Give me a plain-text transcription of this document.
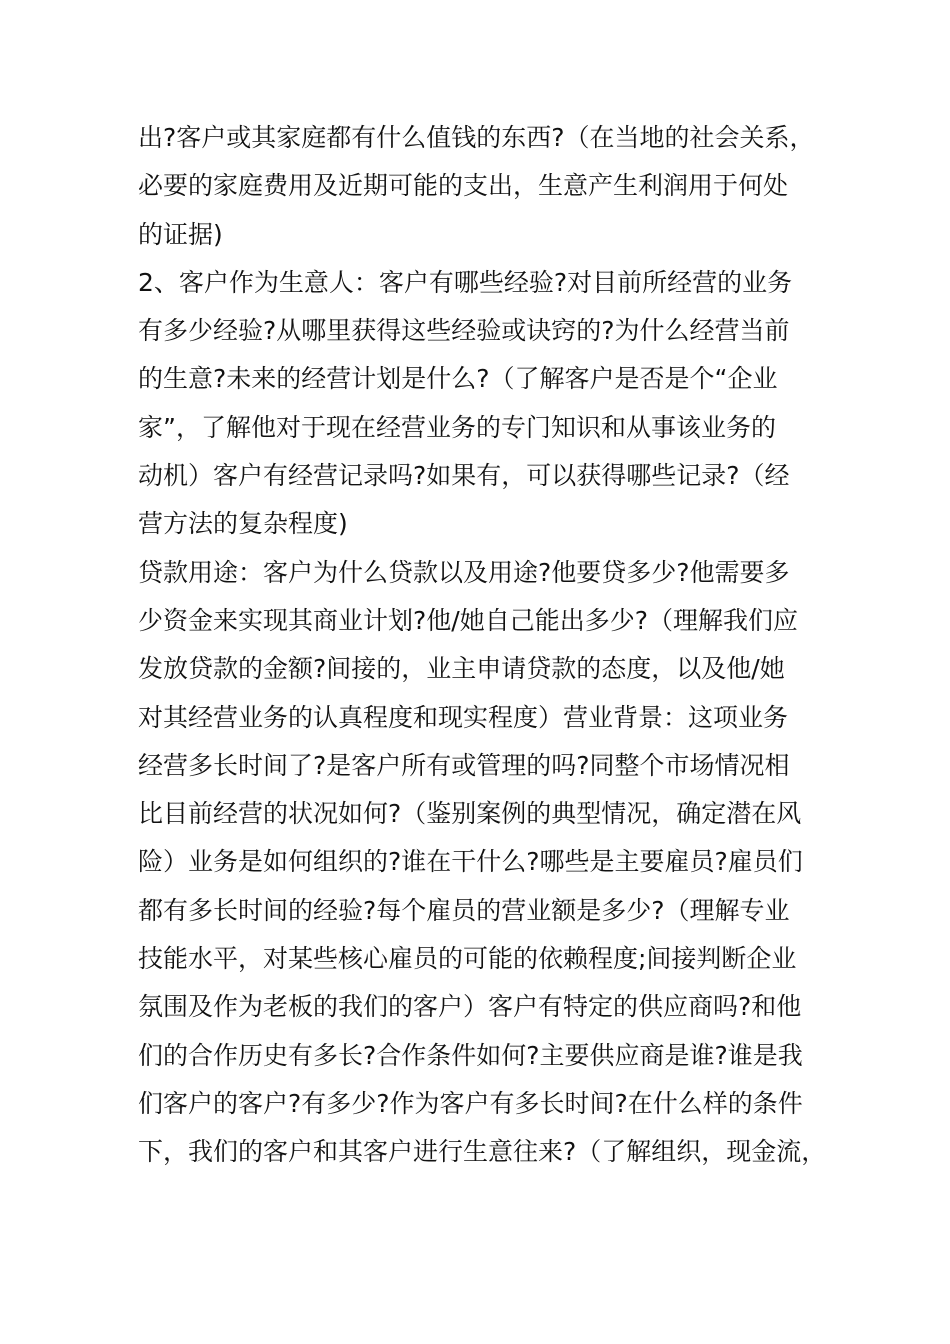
出?客户或其家庭都有什么值钱的东西?（在当地的社会关系，
必要的家庭费用及近期可能的支出，生意产生利润用于何处
的证据)
2、客户作为生意人：客户有哪些经验?对目前所经营的业务
有多少经验?从哪里获得这些经验或诀窍的?为什么经营当前
的生意?未来的经营计划是什么?（了解客户是否是个“企业
家”，了解他对于现在经营业务的专门知识和从事该业务的
动机）客户有经营记录吗?如果有，可以获得哪些记录?（经
营方法的复杂程度)
贷款用途：客户为什么贷款以及用途?他要贷多少?他需要多
少资金来实现其商业计划?他/她自己能出多少?（理解我们应
发放贷款的金额?间接的，业主申请贷款的态度，以及他/她
对其经营业务的认真程度和现实程度）营业背景：这项业务
经营多长时间了?是客户所有或管理的吗?同整个市场情况相
比目前经营的状况如何?（鉴别案例的典型情况，确定潜在风
险）业务是如何组织的?谁在干什么?哪些是主要雇员?雇员们
都有多长时间的经验?每个雇员的营业额是多少?（理解专业
技能水平，对某些核心雇员的可能的依赖程度;间接判断企业
氛围及作为老板的我们的客户）客户有特定的供应商吗?和他
们的合作历史有多长?合作条件如何?主要供应商是谁?谁是我
们客户的客户?有多少?作为客户有多长时间?在什么样的条件
下，我们的客户和其客户进行生意往来?（了解组织，现金流，
